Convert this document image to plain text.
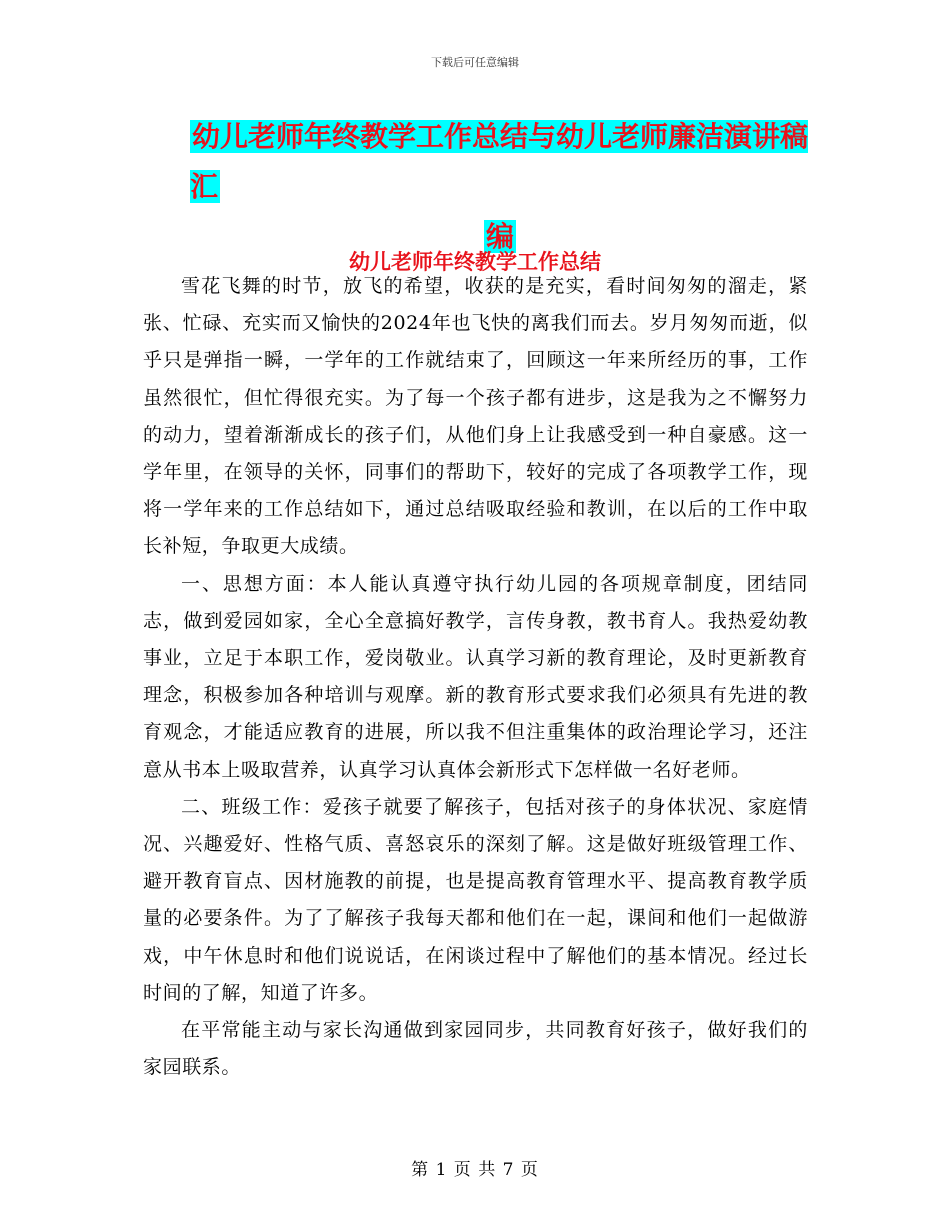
下载后可任意编辑
幼儿老师年终教学工作总结与幼儿老师廉洁演讲稿汇
编
幼儿老师年终教学工作总结

雪花飞舞的时节，放飞的希望，收获的是充实，看时间匆匆的溜走，紧张、忙碌、充实而又愉快的2024年也飞快的离我们而去。岁月匆匆而逝，似乎只是弹指一瞬，一学年的工作就结束了，回顾这一年来所经历的事，工作虽然很忙，但忙得很充实。为了每一个孩子都有进步，这是我为之不懈努力的动力，望着渐渐成长的孩子们，从他们身上让我感受到一种自豪感。这一学年里，在领导的关怀，同事们的帮助下，较好的完成了各项教学工作，现将一学年来的工作总结如下，通过总结吸取经验和教训，在以后的工作中取长补短，争取更大成绩。

一、思想方面：本人能认真遵守执行幼儿园的各项规章制度，团结同志，做到爱园如家，全心全意搞好教学，言传身教，教书育人。我热爱幼教事业，立足于本职工作，爱岗敬业。认真学习新的教育理论，及时更新教育理念，积极参加各种培训与观摩。新的教育形式要求我们必须具有先进的教育观念，才能适应教育的进展，所以我不但注重集体的政治理论学习，还注意从书本上吸取营养，认真学习认真体会新形式下怎样做一名好老师。

二、班级工作：爱孩子就要了解孩子，包括对孩子的身体状况、家庭情况、兴趣爱好、性格气质、喜怒哀乐的深刻了解。这是做好班级管理工作、避开教育盲点、因材施教的前提，也是提高教育管理水平、提高教育教学质量的必要条件。为了了解孩子我每天都和他们在一起，课间和他们一起做游戏，中午休息时和他们说说话，在闲谈过程中了解他们的基本情况。经过长时间的了解，知道了许多。

在平常能主动与家长沟通做到家园同步，共同教育好孩子，做好我们的家园联系。

第 1 页 共 7 页
